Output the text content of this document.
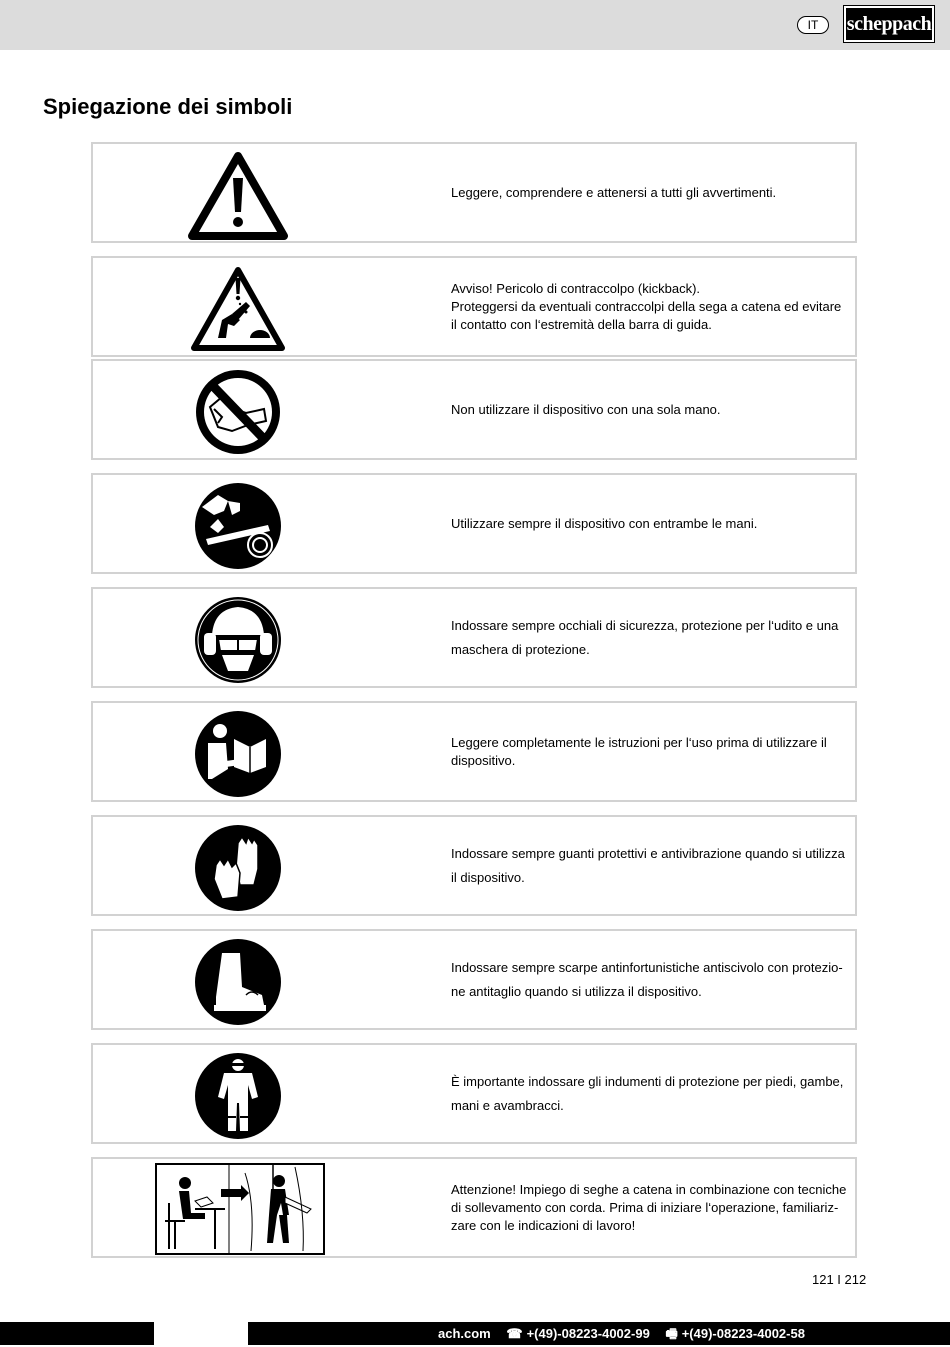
IT	scheppach
Spiegazione dei simboli
Leggere, comprendere e attenersi a tutti gli avvertimenti.
Avviso! Pericolo di contraccolpo (kickback).
Proteggersi da eventuali contraccolpi della sega a catena ed evitare il contatto con l‘estremità della barra di guida.
Non utilizzare il dispositivo con una sola mano.
Utilizzare sempre il dispositivo con entrambe le mani.
Indossare sempre occhiali di sicurezza, protezione per l‘udito e una maschera di protezione.
Leggere completamente le istruzioni per l‘uso prima di utilizzare il dispositivo.
Indossare sempre guanti protettivi e antivibrazione quando si utilizza il dispositivo.
Indossare sempre scarpe antinfortunistiche antiscivolo con protezio-ne antitaglio quando si utilizza il dispositivo.
È importante indossare gli indumenti di protezione per piedi, gambe, mani e avambracci.
Attenzione! Impiego di seghe a catena in combinazione con tecniche di sollevamento con corda. Prima di iniziare l‘operazione, familiariz-zare con le indicazioni di lavoro!
121 I 212
ach.com ☎ +(49)-08223-4002-99 🖷 +(49)-08223-4002-58
